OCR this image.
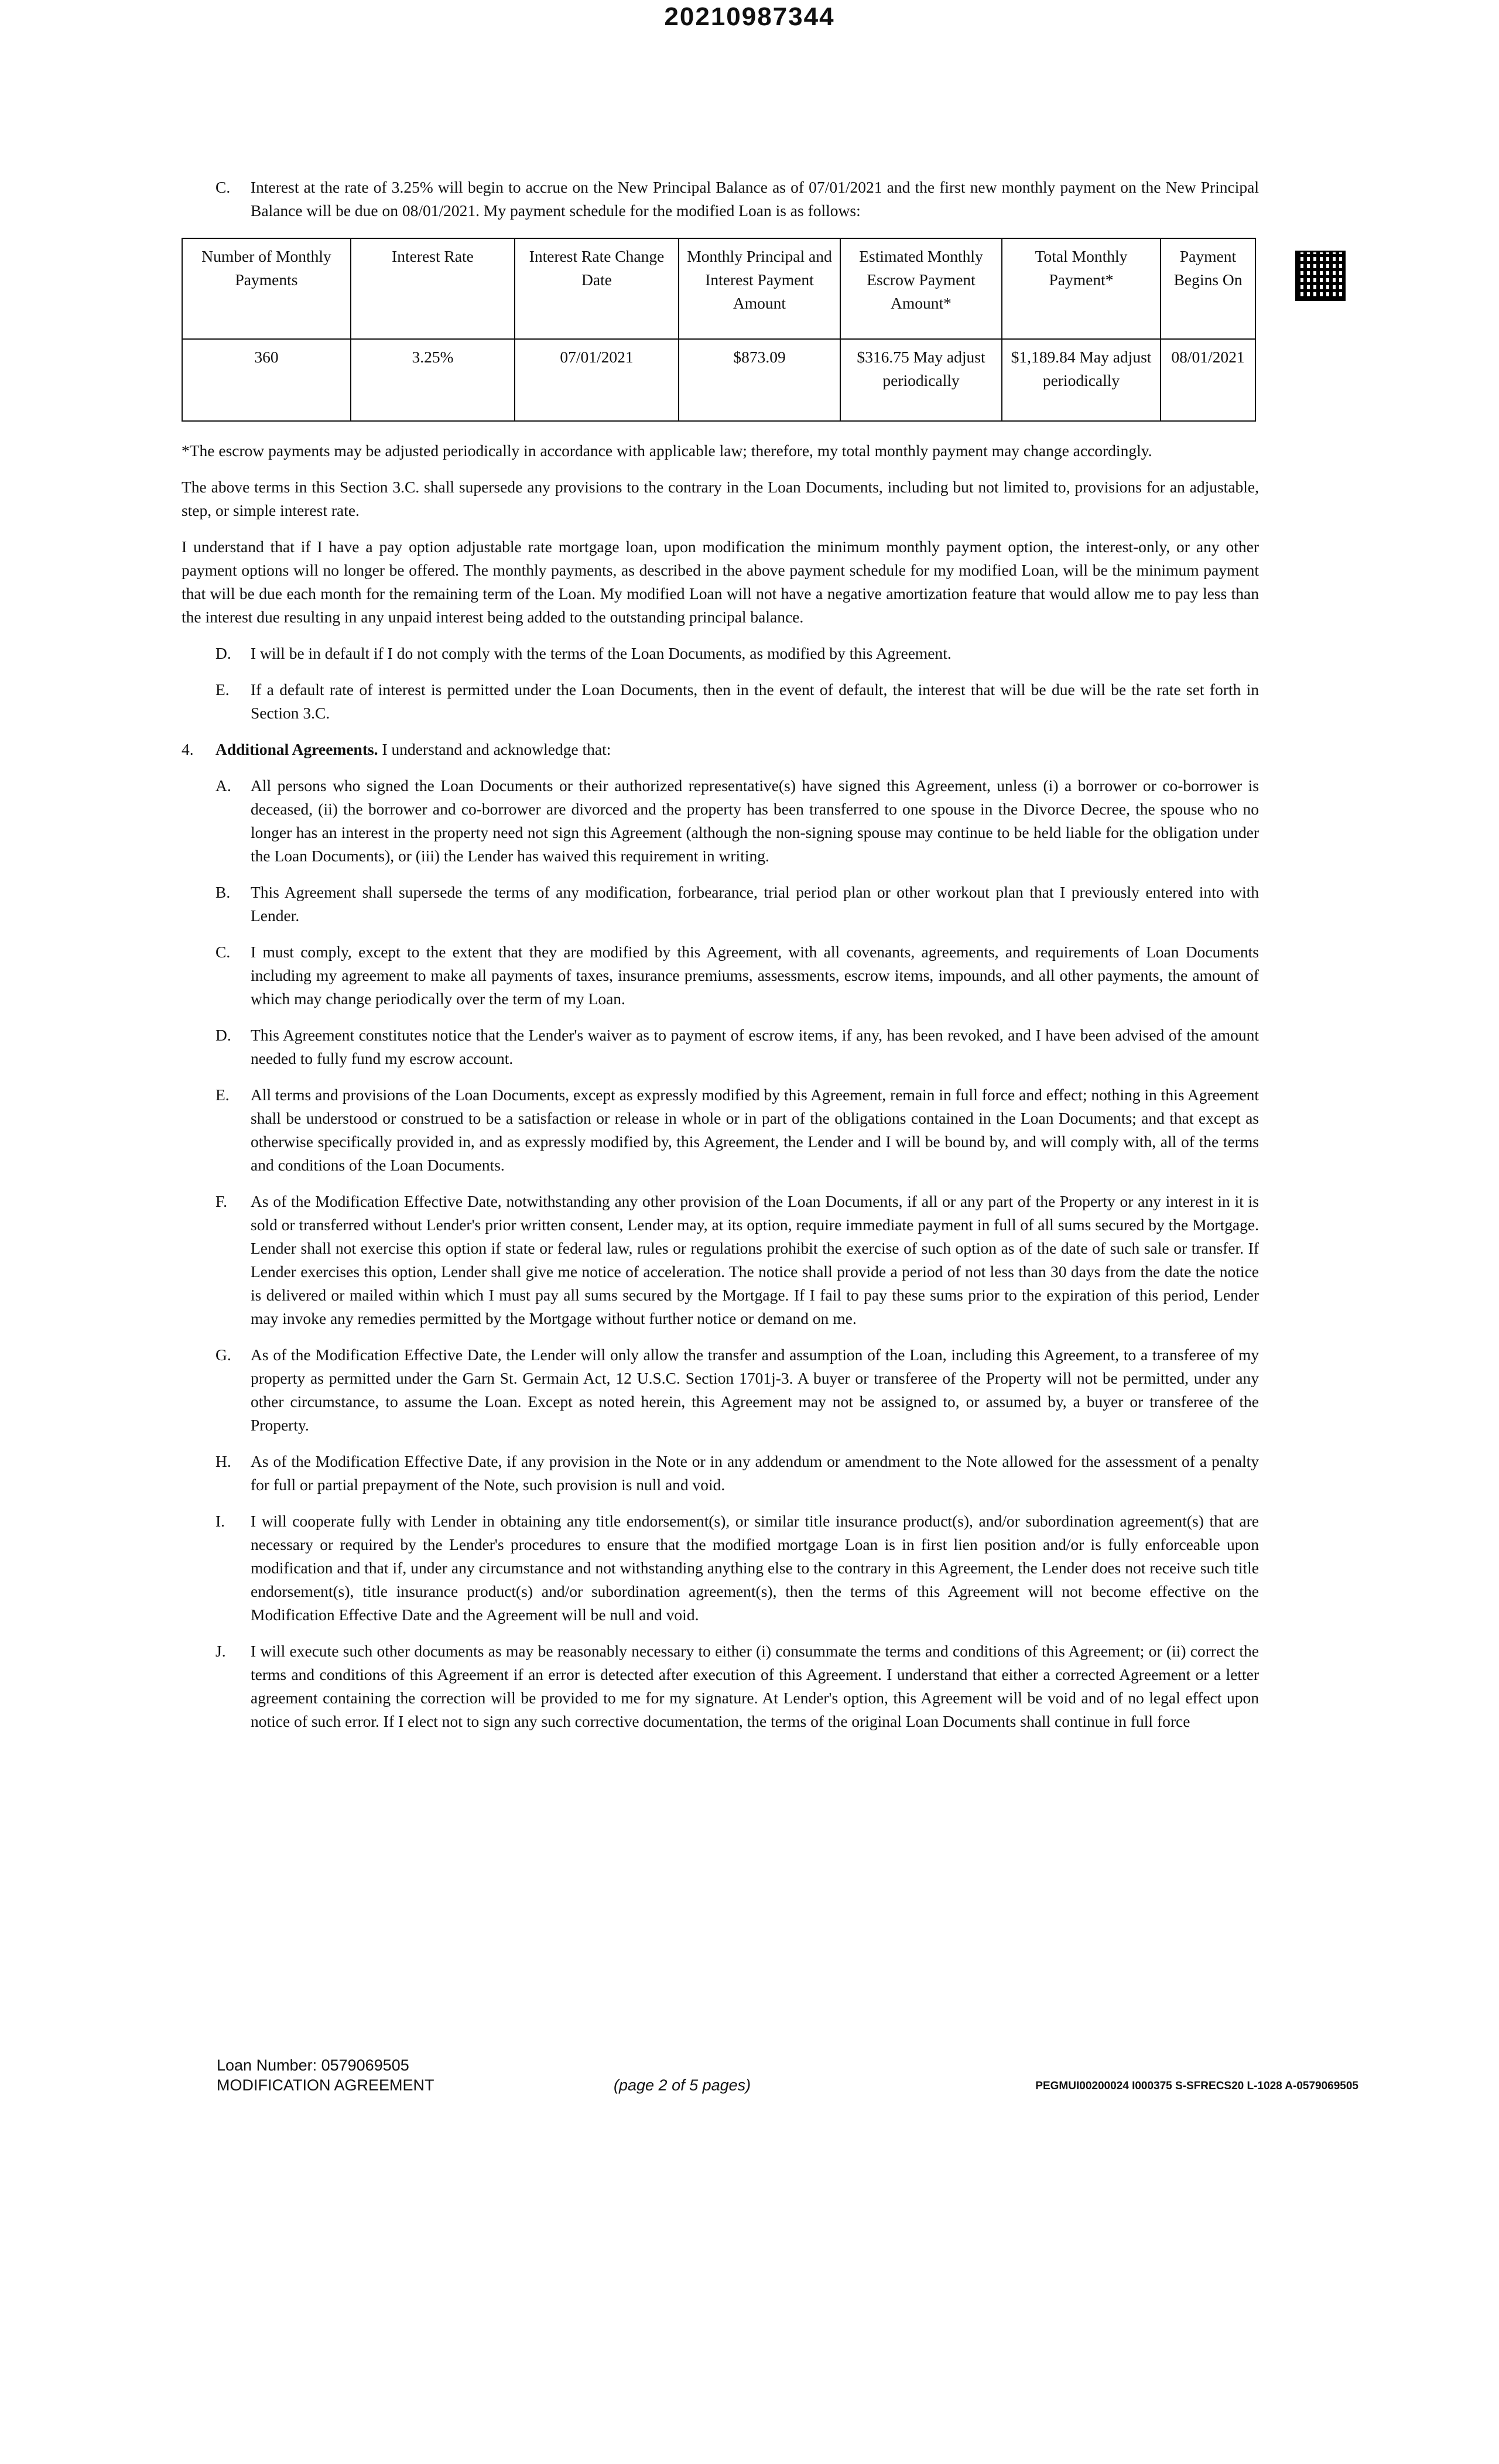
20210987344
C. Interest at the rate of 3.25% will begin to accrue on the New Principal Balance as of 07/01/2021 and the first new monthly payment on the New Principal Balance will be due on 08/01/2021. My payment schedule for the modified Loan is as follows:
Number of Monthly Payments	Interest Rate	Interest Rate Change Date	Monthly Principal and Interest Payment Amount	Estimated Monthly Escrow Payment Amount*	Total Monthly Payment*	Payment Begins On
360	3.25%	07/01/2021	$873.09	$316.75 May adjust periodically	$1,189.84 May adjust periodically	08/01/2021

*The escrow payments may be adjusted periodically in accordance with applicable law; therefore, my total monthly payment may change accordingly.

The above terms in this Section 3.C. shall supersede any provisions to the contrary in the Loan Documents, including but not limited to, provisions for an adjustable, step, or simple interest rate.

I understand that if I have a pay option adjustable rate mortgage loan, upon modification the minimum monthly payment option, the interest-only, or any other payment options will no longer be offered. The monthly payments, as described in the above payment schedule for my modified Loan, will be the minimum payment that will be due each month for the remaining term of the Loan. My modified Loan will not have a negative amortization feature that would allow me to pay less than the interest due resulting in any unpaid interest being added to the outstanding principal balance.

D. I will be in default if I do not comply with the terms of the Loan Documents, as modified by this Agreement.
E. If a default rate of interest is permitted under the Loan Documents, then in the event of default, the interest that will be due will be the rate set forth in Section 3.C.
4. Additional Agreements. I understand and acknowledge that:
A. All persons who signed the Loan Documents or their authorized representative(s) have signed this Agreement, unless (i) a borrower or co-borrower is deceased, (ii) the borrower and co-borrower are divorced and the property has been transferred to one spouse in the Divorce Decree, the spouse who no longer has an interest in the property need not sign this Agreement (although the non-signing spouse may continue to be held liable for the obligation under the Loan Documents), or (iii) the Lender has waived this requirement in writing.
B. This Agreement shall supersede the terms of any modification, forbearance, trial period plan or other workout plan that I previously entered into with Lender.
C. I must comply, except to the extent that they are modified by this Agreement, with all covenants, agreements, and requirements of Loan Documents including my agreement to make all payments of taxes, insurance premiums, assessments, escrow items, impounds, and all other payments, the amount of which may change periodically over the term of my Loan.
D. This Agreement constitutes notice that the Lender's waiver as to payment of escrow items, if any, has been revoked, and I have been advised of the amount needed to fully fund my escrow account.
E. All terms and provisions of the Loan Documents, except as expressly modified by this Agreement, remain in full force and effect; nothing in this Agreement shall be understood or construed to be a satisfaction or release in whole or in part of the obligations contained in the Loan Documents; and that except as otherwise specifically provided in, and as expressly modified by, this Agreement, the Lender and I will be bound by, and will comply with, all of the terms and conditions of the Loan Documents.
F. As of the Modification Effective Date, notwithstanding any other provision of the Loan Documents, if all or any part of the Property or any interest in it is sold or transferred without Lender's prior written consent, Lender may, at its option, require immediate payment in full of all sums secured by the Mortgage. Lender shall not exercise this option if state or federal law, rules or regulations prohibit the exercise of such option as of the date of such sale or transfer. If Lender exercises this option, Lender shall give me notice of acceleration. The notice shall provide a period of not less than 30 days from the date the notice is delivered or mailed within which I must pay all sums secured by the Mortgage. If I fail to pay these sums prior to the expiration of this period, Lender may invoke any remedies permitted by the Mortgage without further notice or demand on me.
G. As of the Modification Effective Date, the Lender will only allow the transfer and assumption of the Loan, including this Agreement, to a transferee of my property as permitted under the Garn St. Germain Act, 12 U.S.C. Section 1701j-3. A buyer or transferee of the Property will not be permitted, under any other circumstance, to assume the Loan. Except as noted herein, this Agreement may not be assigned to, or assumed by, a buyer or transferee of the Property.
H. As of the Modification Effective Date, if any provision in the Note or in any addendum or amendment to the Note allowed for the assessment of a penalty for full or partial prepayment of the Note, such provision is null and void.
I. I will cooperate fully with Lender in obtaining any title endorsement(s), or similar title insurance product(s), and/or subordination agreement(s) that are necessary or required by the Lender's procedures to ensure that the modified mortgage Loan is in first lien position and/or is fully enforceable upon modification and that if, under any circumstance and not withstanding anything else to the contrary in this Agreement, the Lender does not receive such title endorsement(s), title insurance product(s) and/or subordination agreement(s), then the terms of this Agreement will not become effective on the Modification Effective Date and the Agreement will be null and void.
J. I will execute such other documents as may be reasonably necessary to either (i) consummate the terms and conditions of this Agreement; or (ii) correct the terms and conditions of this Agreement if an error is detected after execution of this Agreement. I understand that either a corrected Agreement or a letter agreement containing the correction will be provided to me for my signature. At Lender's option, this Agreement will be void and of no legal effect upon notice of such error. If I elect not to sign any such corrective documentation, the terms of the original Loan Documents shall continue in full force
Loan Number: 0579069505
MODIFICATION AGREEMENT	(page 2 of 5 pages)	PEGMUI00200024 I000375 S-SFRECS20 L-1028 A-0579069505
